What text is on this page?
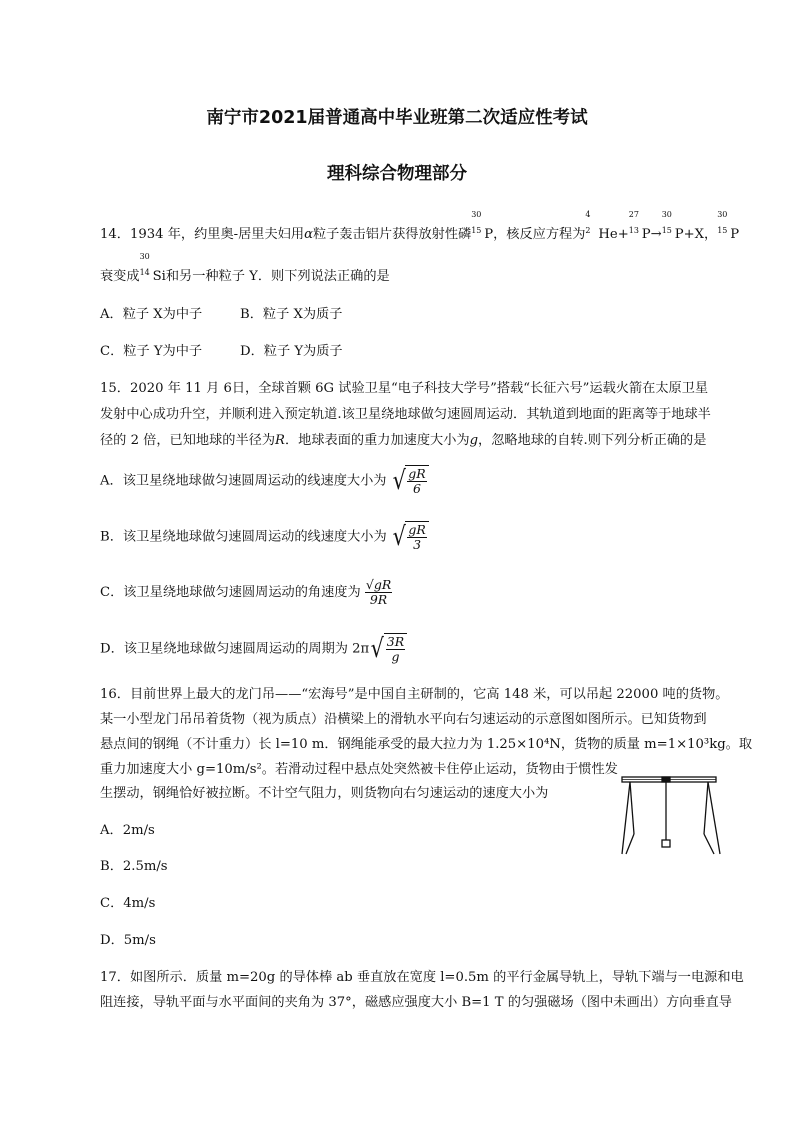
南宁市2021届普通高中毕业班第二次适应性考试
理科综合物理部分
14．1934 年，约里奥-居里夫妇用α粒子轰击铝片获得放射性磷
30
15 P，核反应方程为
4
2 He+
27
13 P→
30
15 P+X，
30
15 P
衰变成
30
14 Si和另一种粒子 Y．则下列说法正确的是
A．粒子 X为中子	B．粒子 X为质子
C．粒子 Y为中子	D．粒子 Y为质子
15．2020 年 11 月 6日，全球首颗 6G 试验卫星“电子科技大学号”搭载“长征六号”运载火箭在太原卫星
发射中心成功升空，并顺利进入预定轨道.该卫星绕地球做匀速圆周运动．其轨道到地面的距离等于地球半
径的 2 倍，已知地球的半径为R．地球表面的重力加速度大小为g，忽略地球的自转.则下列分析正确的是
A．该卫星绕地球做匀速圆周运动的线速度大小为 √ $\frac{gR}{6}$
B．该卫星绕地球做匀速圆周运动的线速度大小为 √ $\frac{gR}{3}$
C．该卫星绕地球做匀速圆周运动的角速度为 $\frac{√gR}{9R}$
D．该卫星绕地球做匀速圆周运动的周期为 2π √ $\frac{3R}{g}$
16．目前世界上最大的龙门吊——“宏海号”是中国自主研制的，它高 148 米，可以吊起 22000 吨的货物。
某一小型龙门吊吊着货物（视为质点）沿横梁上的滑轨水平向右匀速运动的示意图如图所示。已知货物到
悬点间的钢绳（不计重力）长 l=10 m．钢绳能承受的最大拉力为 1.25×10⁴N，货物的质量 m=1×10³kg。取
重力加速度大小 g=10m/s²。若滑动过程中悬点处突然被卡住停止运动，货物由于惯性发
生摆动，钢绳恰好被拉断。不计空气阻力，则货物向右匀速运动的速度大小为
A．2m/s
B．2.5m/s
C．4m/s
D．5m/s
17．如图所示．质量 m=20g 的导体棒 ab 垂直放在宽度 l=0.5m 的平行金属导轨上，导轨下端与一电源和电
阻连接，导轨平面与水平面间的夹角为 37°，磁感应强度大小 B=1 T 的匀强磁场（图中未画出）方向垂直导
